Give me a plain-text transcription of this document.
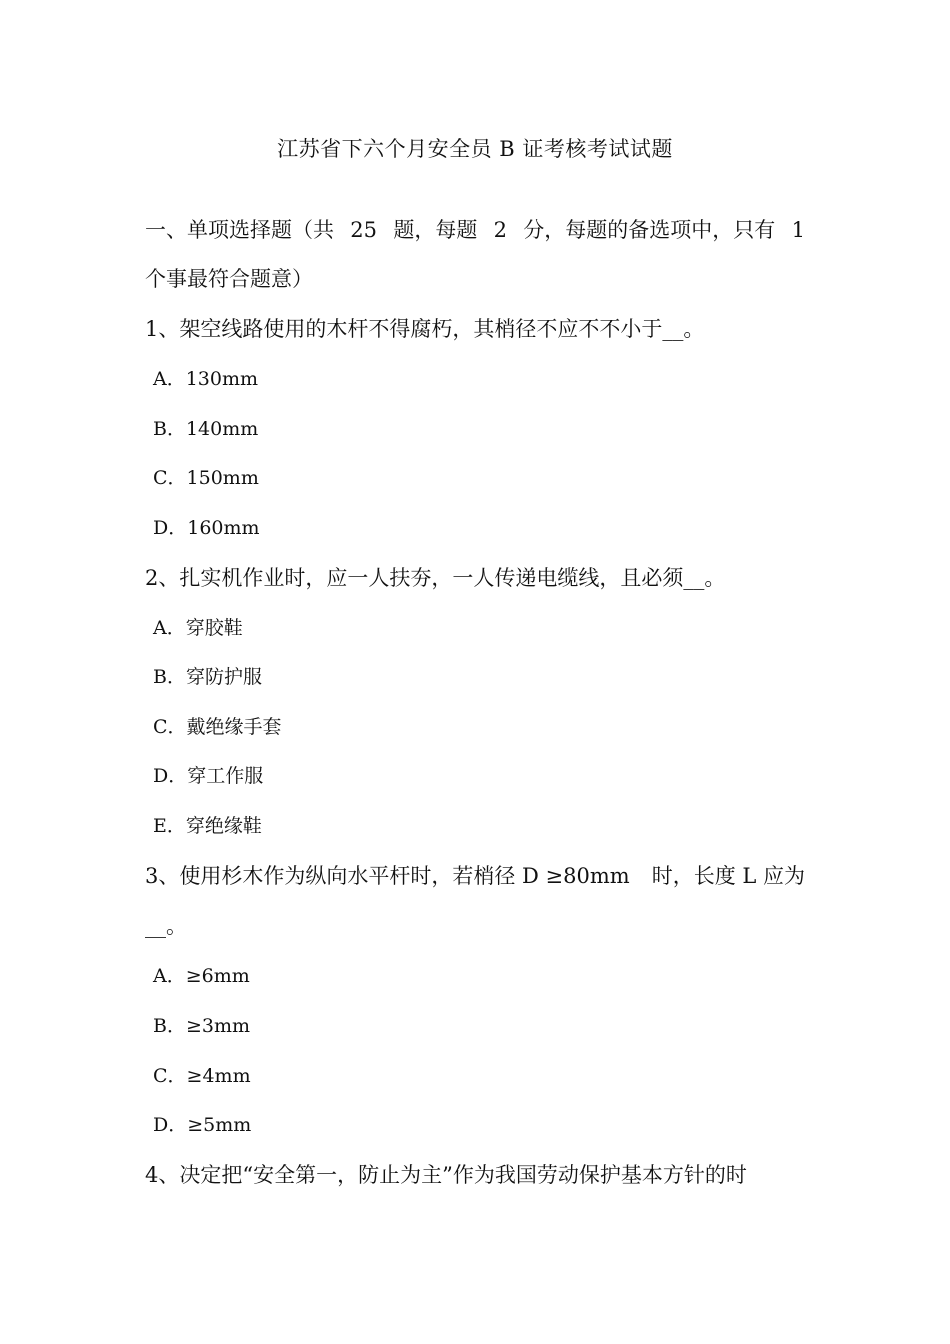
江苏省下六个月安全员 B 证考核考试试题
一、单项选择题（共 25 题，每题 2 分，每题的备选项中，只有 1
个事最符合题意）
1、架空线路使用的木杆不得腐朽，其梢径不应不不小于__。
A．130mm
B．140mm
C．150mm
D．160mm
2、扎实机作业时，应一人扶夯，一人传递电缆线，且必须__。
A．穿胶鞋
B．穿防护服
C．戴绝缘手套
D．穿工作服
E．穿绝缘鞋
3、使用杉木作为纵向水平杆时，若梢径 D ≥80mm 时，长度 L 应为
__。
A．≥6mm
B．≥3mm
C．≥4mm
D．≥5mm
4、决定把“安全第一，防止为主”作为我国劳动保护基本方针的时
